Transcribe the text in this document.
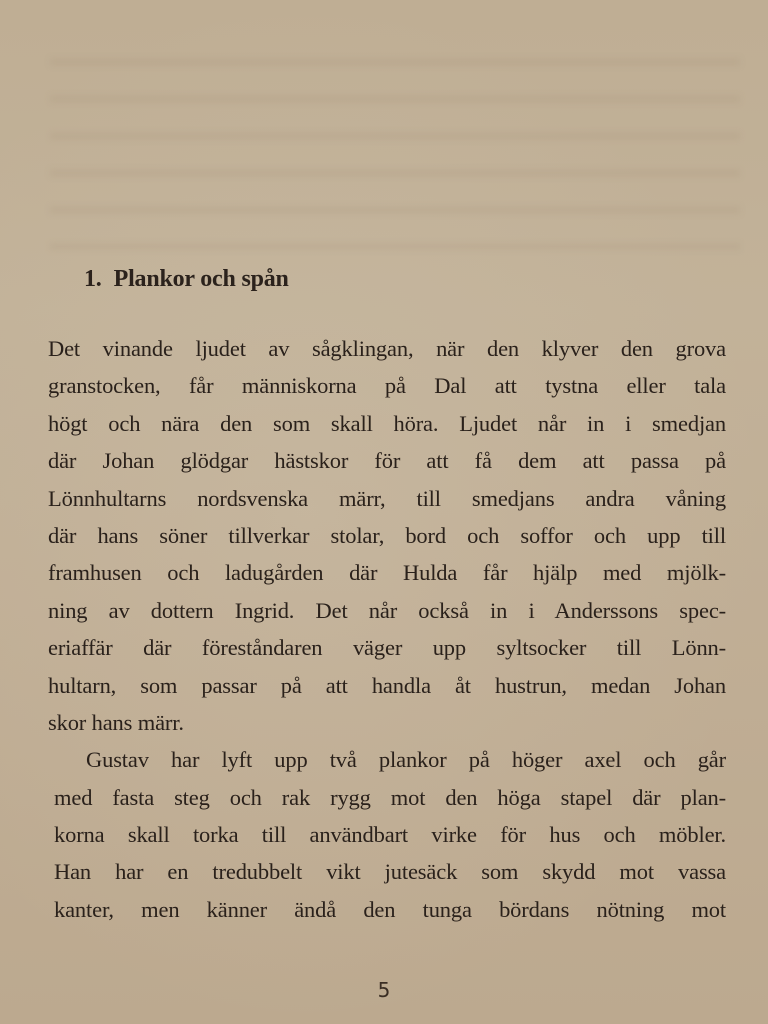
1. Plankor och spån
Det vinande ljudet av sågklingan, när den klyver den grova
granstocken, får människorna på Dal att tystna eller tala
högt och nära den som skall höra. Ljudet når in i smedjan
där Johan glödgar hästskor för att få dem att passa på
Lönnhultarns nordsvenska märr, till smedjans andra våning
där hans söner tillverkar stolar, bord och soffor och upp till
framhusen och ladugården där Hulda får hjälp med mjölk-
ning av dottern Ingrid. Det når också in i Anderssons spec-
eriaffär där föreståndaren väger upp syltsocker till Lönn-
hultarn, som passar på att handla åt hustrun, medan Johan
skor hans märr.
Gustav har lyft upp två plankor på höger axel och går
med fasta steg och rak rygg mot den höga stapel där plan-
korna skall torka till användbart virke för hus och möbler.
Han har en tredubbelt vikt jutesäck som skydd mot vassa
kanter, men känner ändå den tunga bördans nötning mot
5
